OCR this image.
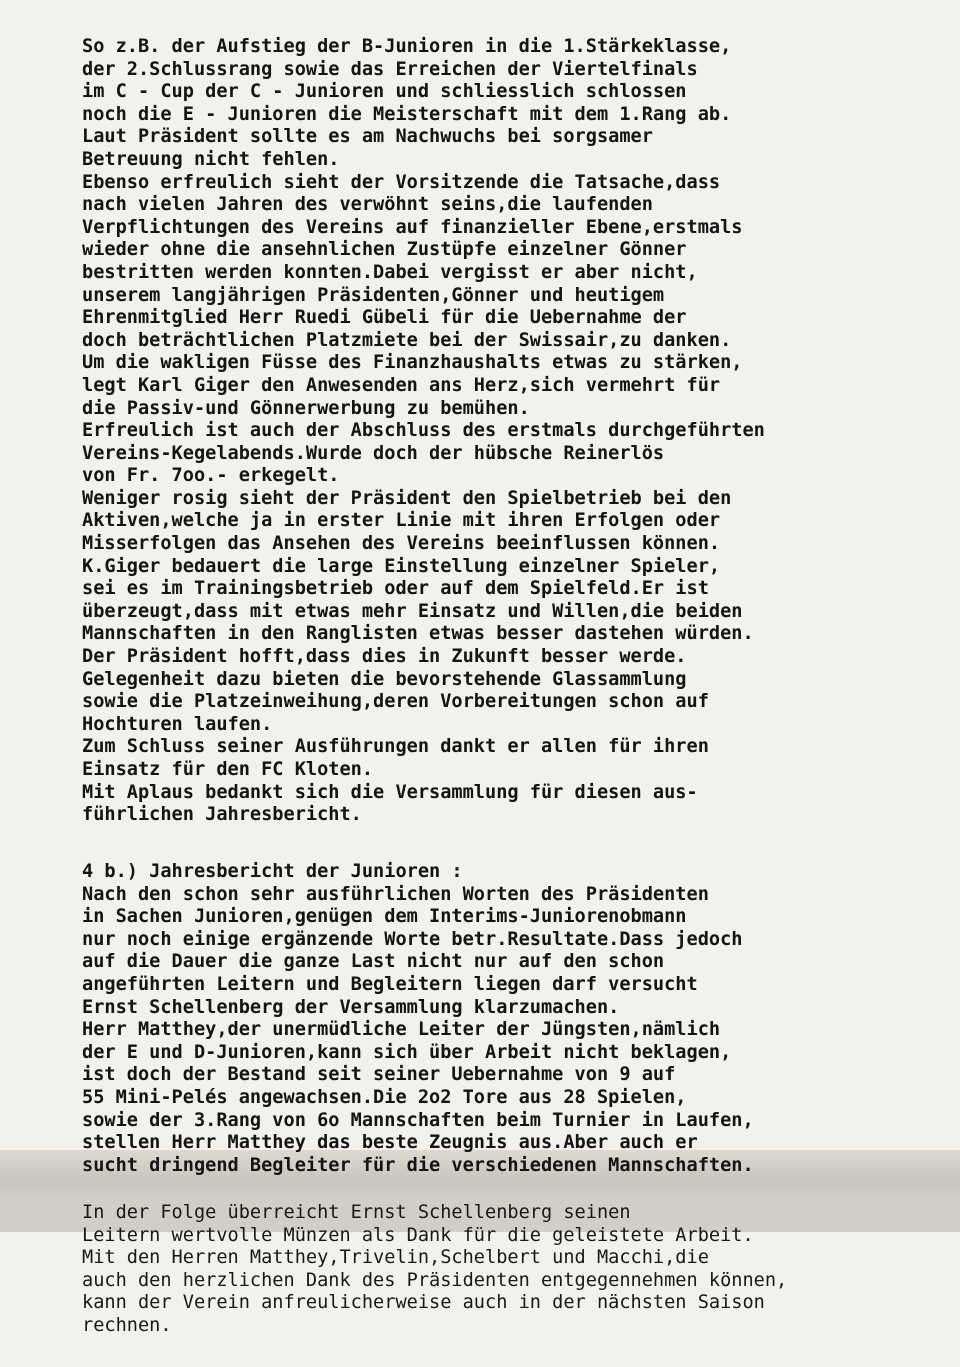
So z.B. der Aufstieg der B-Junioren in die 1.Stärkeklasse,
der 2.Schlussrang sowie das Erreichen der Viertelfinals
im C - Cup der C - Junioren und schliesslich schlossen
noch die E - Junioren die Meisterschaft mit dem 1.Rang ab.
Laut Präsident sollte es am Nachwuchs bei sorgsamer
Betreuung nicht fehlen.
Ebenso erfreulich sieht der Vorsitzende die Tatsache,dass
nach vielen Jahren des verwöhnt seins,die laufenden
Verpflichtungen des Vereins auf finanzieller Ebene,erstmals
wieder ohne die ansehnlichen Zustüpfe einzelner Gönner
bestritten werden konnten.Dabei vergisst er aber nicht,
unserem langjährigen Präsidenten,Gönner und heutigem
Ehrenmitglied Herr Ruedi Gübeli für die Uebernahme der
doch beträchtlichen Platzmiete bei der Swissair,zu danken.
Um die wakligen Füsse des Finanzhaushalts etwas zu stärken,
legt Karl Giger den Anwesenden ans Herz,sich vermehrt für
die Passiv-und Gönnerwerbung zu bemühen.
Erfreulich ist auch der Abschluss des erstmals durchgeführten
Vereins-Kegelabends.Wurde doch der hübsche Reinerlös
von Fr. 7oo.- erkegelt.
Weniger rosig sieht der Präsident den Spielbetrieb bei den
Aktiven,welche ja in erster Linie mit ihren Erfolgen oder
Misserfolgen das Ansehen des Vereins beeinflussen können.
K.Giger bedauert die large Einstellung einzelner Spieler,
sei es im Trainingsbetrieb oder auf dem Spielfeld.Er ist
überzeugt,dass mit etwas mehr Einsatz und Willen,die beiden
Mannschaften in den Ranglisten etwas besser dastehen würden.
Der Präsident hofft,dass dies in Zukunft besser werde.
Gelegenheit dazu bieten die bevorstehende Glassammlung
sowie die Platzeinweihung,deren Vorbereitungen schon auf
Hochturen laufen.
Zum Schluss seiner Ausführungen dankt er allen für ihren
Einsatz für den FC Kloten.
Mit Aplaus bedankt sich die Versammlung für diesen aus-
führlichen Jahresbericht.
4 b.) Jahresbericht der Junioren :
Nach den schon sehr ausführlichen Worten des Präsidenten
in Sachen Junioren,genügen dem Interims-Juniorenobmann
nur noch einige ergänzende Worte betr.Resultate.Dass jedoch
auf die Dauer die ganze Last nicht nur auf den schon
angeführten Leitern und Begleitern liegen darf versucht
Ernst Schellenberg der Versammlung klarzumachen.
Herr Matthey,der unermüdliche Leiter der Jüngsten,nämlich
der E und D-Junioren,kann sich über Arbeit nicht beklagen,
ist doch der Bestand seit seiner Uebernahme von 9 auf
55 Mini-Pelés angewachsen.Die 2o2 Tore aus 28 Spielen,
sowie der 3.Rang von 6o Mannschaften beim Turnier in Laufen,
stellen Herr Matthey das beste Zeugnis aus.Aber auch er
sucht dringend Begleiter für die verschiedenen Mannschaften.
In der Folge überreicht Ernst Schellenberg seinen
Leitern wertvolle Münzen als Dank für die geleistete Arbeit.
Mit den Herren Matthey,Trivelin,Schelbert und Macchi,die
auch den herzlichen Dank des Präsidenten entgegennehmen können,
kann der Verein anfreulicherweise auch in der nächsten Saison
rechnen.
